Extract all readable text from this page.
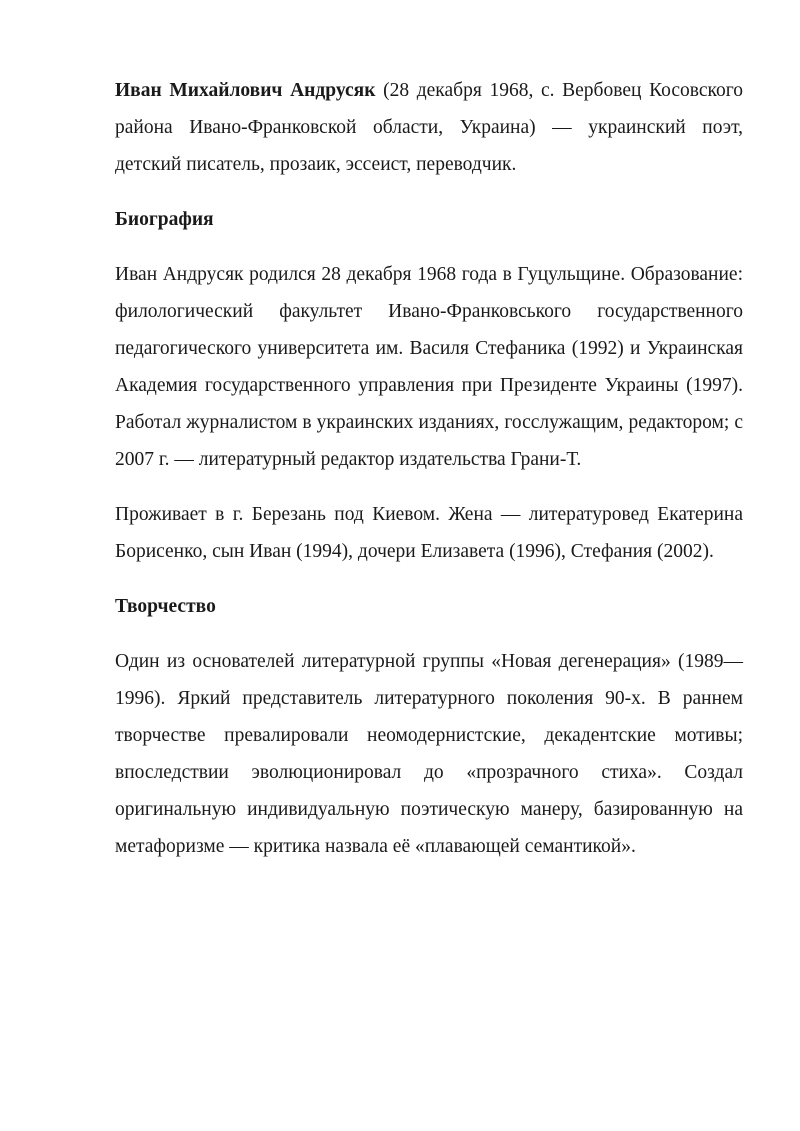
Иван Михайлович Андрусяк (28 декабря 1968, с. Вербовец Косовского района Ивано-Франковской области, Украина) — украинский поэт, детский писатель, прозаик, эссеист, переводчик.

Биография

Иван Андрусяк родился 28 декабря 1968 года в Гуцульщине. Образование: филологический факультет Ивано-Франковського государственного педагогического университета им. Василя Стефаника (1992) и Украинская Академия государственного управления при Президенте Украины (1997). Работал журналистом в украинских изданиях, госслужащим, редактором; с 2007 г. — литературный редактор издательства Грани-Т.

Проживает в г. Березань под Киевом. Жена — литературовед Екатерина Борисенко, сын Иван (1994), дочери Елизавета (1996), Стефания (2002).

Творчество

Один из основателей литературной группы «Новая дегенерация» (1989—1996). Яркий представитель литературного поколения 90-х. В раннем творчестве превалировали неомодернистские, декадентские мотивы; впоследствии эволюционировал до «прозрачного стиха». Создал оригинальную индивидуальную поэтическую манеру, базированную на метафоризме — критика назвала её «плавающей семантикой».
